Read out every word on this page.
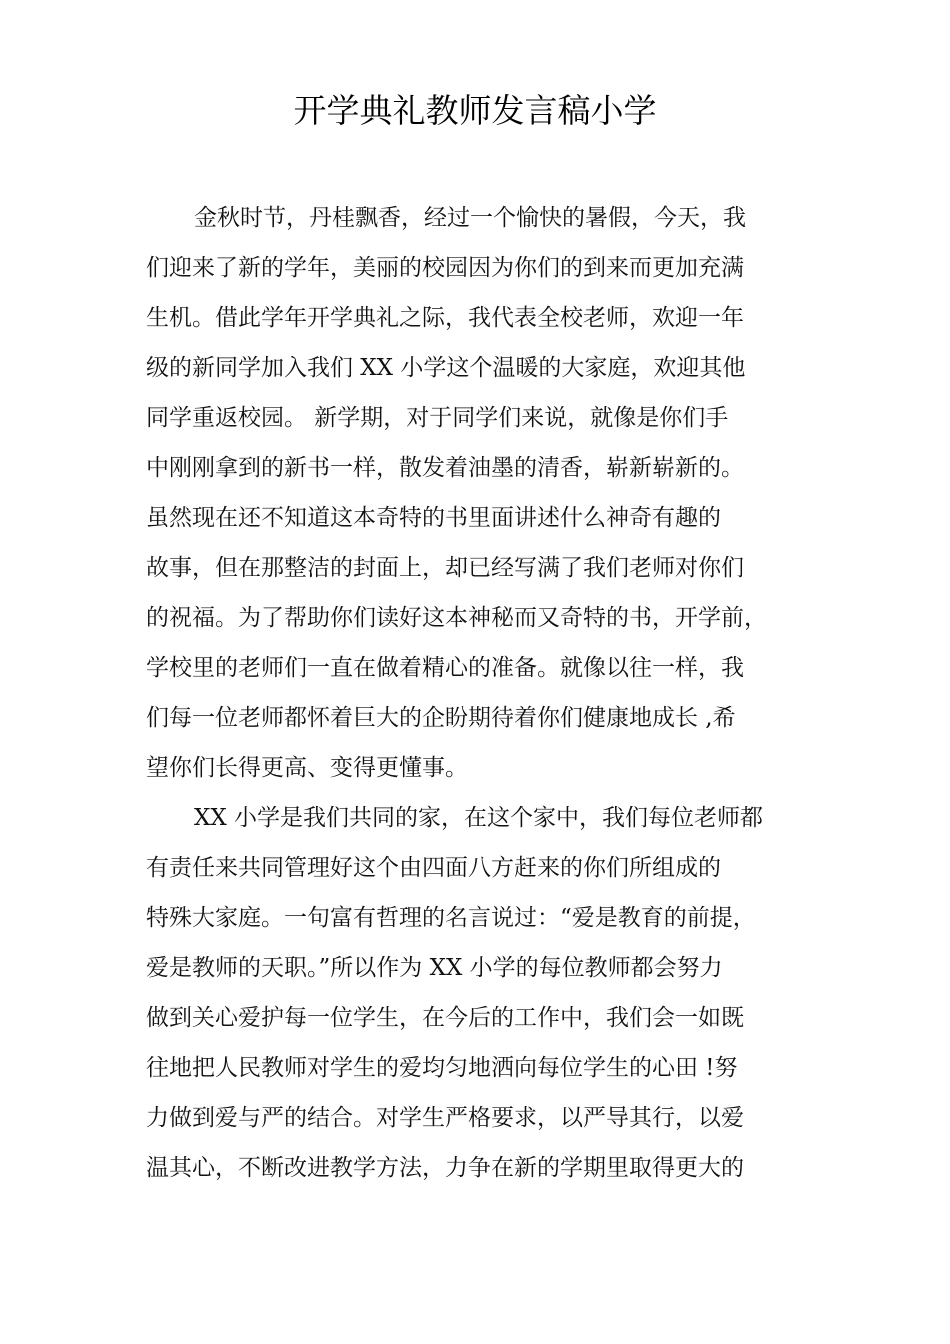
开学典礼教师发言稿小学
金秋时节，丹桂飘香，经过一个愉快的暑假，今天，我
们迎来了新的学年，美丽的校园因为你们的到来而更加充满
生机。借此学年开学典礼之际，我代表全校老师，欢迎一年
级的新同学加入我们 XX 小学这个温暖的大家庭，欢迎其他
同学重返校园。 新学期，对于同学们来说，就像是你们手
中刚刚拿到的新书一样，散发着油墨的清香，崭新崭新的。
虽然现在还不知道这本奇特的书里面讲述什么神奇有趣的
故事，但在那整洁的封面上，却已经写满了我们老师对你们
的祝福。为了帮助你们读好这本神秘而又奇特的书，开学前，
学校里的老师们一直在做着精心的准备。就像以往一样，我
们每一位老师都怀着巨大的企盼期待着你们健康地成长 ,希
望你们长得更高、变得更懂事。
XX 小学是我们共同的家，在这个家中，我们每位老师都
有责任来共同管理好这个由四面八方赶来的你们所组成的
特殊大家庭。一句富有哲理的名言说过：“爱是教育的前提，
爱是教师的天职。”所以作为 XX 小学的每位教师都会努力
做到关心爱护每一位学生，在今后的工作中，我们会一如既
往地把人民教师对学生的爱均匀地洒向每位学生的心田 !努
力做到爱与严的结合。对学生严格要求，以严导其行，以爱
温其心，不断改进教学方法，力争在新的学期里取得更大的
